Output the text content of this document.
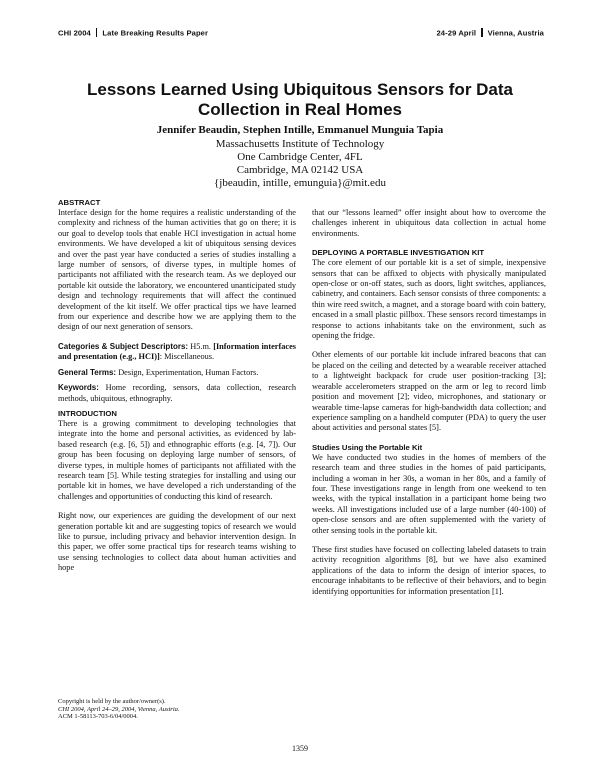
CHI 2004 Late Breaking Results Paper	24-29 April Vienna, Austria
Lessons Learned Using Ubiquitous Sensors for Data
Collection in Real Homes
Jennifer Beaudin, Stephen Intille, Emmanuel Munguia Tapia
Massachusetts Institute of Technology
One Cambridge Center, 4FL
Cambridge, MA 02142 USA
{jbeaudin, intille, emunguia}@mit.edu
ABSTRACT

Interface design for the home requires a realistic understanding of the complexity and richness of the human activities that go on there; it is our goal to develop tools that enable HCI investigation in actual home environments. We have developed a kit of ubiquitous sensing devices and over the past year have conducted a series of studies installing a large number of sensors, of diverse types, in multiple homes of participants not affiliated with the research team. As we deployed our portable kit outside the laboratory, we encountered unanticipated study design and technology requirements that will affect the continued development of the kit itself. We offer practical tips we have learned from our experience and describe how we are applying them to the design of our next generation of sensors.

Categories & Subject Descriptors: H5.m. [Information interfaces and presentation (e.g., HCI)]: Miscellaneous.

General Terms: Design, Experimentation, Human Factors.

Keywords: Home recording, sensors, data collection, research methods, ubiquitous, ethnography.

INTRODUCTION

There is a growing commitment to developing technologies that integrate into the home and personal activities, as evidenced by lab-based research (e.g. [6, 5]) and ethnographic efforts (e.g. [4, 7]). Our group has been focusing on deploying large number of sensors, of diverse types, in multiple homes of participants not affiliated with the research team [5]. While testing strategies for installing and using our portable kit in homes, we have developed a rich understanding of the challenges and opportunities of conducting this kind of research.

Right now, our experiences are guiding the development of our next generation portable kit and are suggesting topics of research we would like to pursue, including privacy and behavior intervention design. In this paper, we offer some practical tips for research teams wishing to use sensing technologies to collect data about human activities and hope

that our “lessons learned” offer insight about how to overcome the challenges inherent in ubiquitous data collection in actual home environments.

DEPLOYING A PORTABLE INVESTIGATION KIT

The core element of our portable kit is a set of simple, inexpensive sensors that can be affixed to objects with physically manipulated open-close or on-off states, such as doors, light switches, appliances, cabinetry, and containers. Each sensor consists of three components: a thin wire reed switch, a magnet, and a storage board with coin battery, encased in a small plastic pillbox. These sensors record timestamps in response to actions inhabitants take on the environment, such as opening the fridge.

Other elements of our portable kit include infrared beacons that can be placed on the ceiling and detected by a wearable receiver attached to a lightweight backpack for crude user position-tracking [3]; wearable accelerometers strapped on the arm or leg to record limb position and movement [2]; video, microphones, and stationary or wearable time-lapse cameras for high-bandwidth data collection; and experience sampling on a handheld computer (PDA) to query the user about activities and personal states [5].

Studies Using the Portable Kit

We have conducted two studies in the homes of members of the research team and three studies in the homes of paid participants, including a woman in her 30s, a woman in her 80s, and a family of four. These investigations range in length from one weekend to ten weeks, with the typical installation in a participant home being two weeks. All investigations included use of a large number (40-100) of open-close sensors and are often supplemented with the variety of other sensing tools in the portable kit.

These first studies have focused on collecting labeled datasets to train activity recognition algorithms [8], but we have also examined applications of the data to inform the design of interior spaces, to encourage inhabitants to be reflective of their behaviors, and to begin identifying opportunities for information presentation [1].

Copyright is held by the author/owner(s).
CHI 2004, April 24–29, 2004, Vienna, Austria.
ACM 1-58113-703-6/04/0004.
1359
